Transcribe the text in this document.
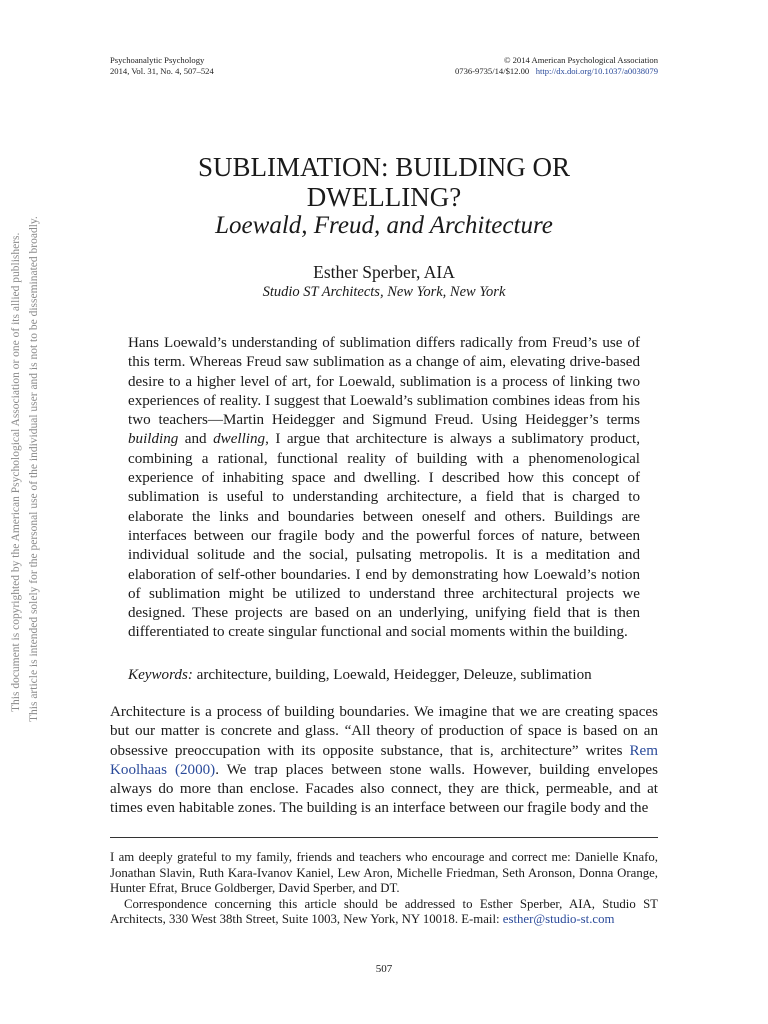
Psychoanalytic Psychology
2014, Vol. 31, No. 4, 507–524
© 2014 American Psychological Association
0736-9735/14/$12.00 http://dx.doi.org/10.1037/a0038079
This document is copyrighted by the American Psychological Association or one of its allied publishers. This article is intended solely for the personal use of the individual user and is not to be disseminated broadly.
SUBLIMATION: BUILDING OR
DWELLING?
Loewald, Freud, and Architecture
Esther Sperber, AIA
Studio ST Architects, New York, New York

Hans Loewald’s understanding of sublimation differs radically from Freud’s use of this term. Whereas Freud saw sublimation as a change of aim, elevating drive-based desire to a higher level of art, for Loewald, sublimation is a process of linking two experiences of reality. I suggest that Loewald’s sublimation combines ideas from his two teachers—Martin Heidegger and Sigmund Freud. Using Heidegger’s terms building and dwelling, I argue that architecture is always a sublimatory product, combining a rational, functional reality of building with a phenomenological experience of inhabiting space and dwelling. I described how this concept of sublimation is useful to understanding architecture, a field that is charged to elaborate the links and boundaries between oneself and others. Buildings are interfaces between our fragile body and the powerful forces of nature, between individual solitude and the social, pulsating metropolis. It is a meditation and elaboration of self-other boundaries. I end by demonstrating how Loewald’s notion of sublimation might be utilized to understand three architectural projects we designed. These projects are based on an underlying, unifying field that is then differentiated to create singular functional and social moments within the building.

Keywords: architecture, building, Loewald, Heidegger, Deleuze, sublimation

Architecture is a process of building boundaries. We imagine that we are creating spaces but our matter is concrete and glass. “All theory of production of space is based on an obsessive preoccupation with its opposite substance, that is, architecture” writes Rem Koolhaas (2000). We trap places between stone walls. However, building envelopes always do more than enclose. Facades also connect, they are thick, permeable, and at times even habitable zones. The building is an interface between our fragile body and the

I am deeply grateful to my family, friends and teachers who encourage and correct me: Danielle Knafo, Jonathan Slavin, Ruth Kara-Ivanov Kaniel, Lew Aron, Michelle Friedman, Seth Aronson, Donna Orange, Hunter Efrat, Bruce Goldberger, David Sperber, and DT.

Correspondence concerning this article should be addressed to Esther Sperber, AIA, Studio ST Architects, 330 West 38th Street, Suite 1003, New York, NY 10018. E-mail: esther@studio-st.com

507
